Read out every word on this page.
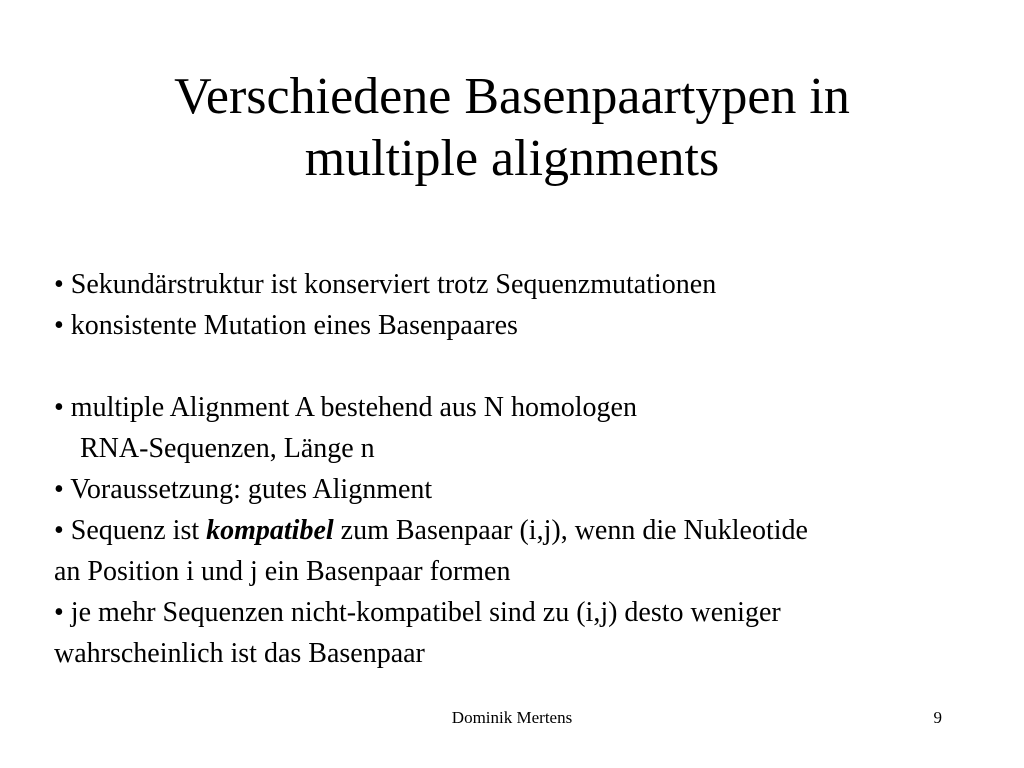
Verschiedene Basenpaartypen in
multiple alignments
• Sekundärstruktur ist konserviert trotz Sequenzmutationen
• konsistente Mutation eines Basenpaares
• multiple Alignment A bestehend aus N homologen
RNA-Sequenzen, Länge n
• Voraussetzung: gutes Alignment
• Sequenz ist kompatibel zum Basenpaar (i,j), wenn die Nukleotide
an Position i und j ein Basenpaar formen
• je mehr Sequenzen nicht-kompatibel sind zu (i,j) desto weniger
wahrscheinlich ist das Basenpaar
Dominik Mertens	9
